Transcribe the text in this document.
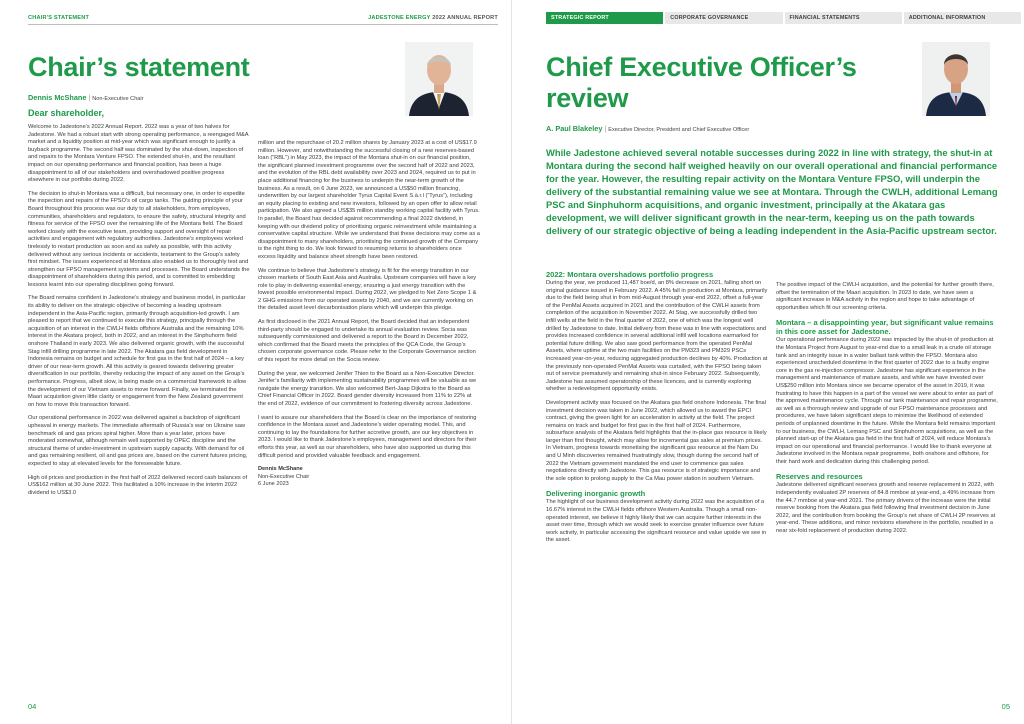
CHAIR'S STATEMENT	JADESTONE ENERGY 2022 ANNUAL REPORT
Chair’s statement
Dennis McShane | Non-Executive Chair
Dear shareholder,

Welcome to Jadestone’s 2022 Annual Report. 2022 was a year of two halves for Jadestone. We had a robust start with strong operating performance, a reengaged M&A market and a liquidity position at mid-year which was significant enough to justify a buyback programme. The second half was dominated by the shut-down, inspection of and repairs to the Montara Venture FPSO. The extended shut-in, and the resultant impact on our operating performance and financial position, has been a huge disappointment to all of our stakeholders and overshadowed positive progress elsewhere in our portfolio during 2022.

The decision to shut-in Montara was a difficult, but necessary one, in order to expedite the inspection and repairs of the FPSO’s oil cargo tanks. The guiding principle of your Board throughout this process was our duty to all stakeholders, from employees, communities, shareholders and regulators, to ensure the safety, structural integrity and fitness for service of the FPSO over the remaining life of the Montara field. The Board worked closely with the executive team, providing support and oversight of repair activities and engagement with regulatory authorities. Jadestone’s employees worked tirelessly to restart production as soon and as safely as possible, with this activity delivered without any serious incidents or accidents, testament to the Group’s safety first mindset. The issues experienced at Montara also enabled us to thoroughly test and strengthen our FPSO management systems and processes. The Board understands the disappointment of shareholders during this period, and is committed to embedding lessons learnt into our operating disciplines going forward.

The Board remains confident in Jadestone’s strategy and business model, in particular its ability to deliver on the strategic objective of becoming a leading upstream independent in the Asia-Pacific region, primarily through acquisition-led growth. I am pleased to report that we continued to execute this strategy, principally through the acquisition of an interest in the CWLH fields offshore Australia and the remaining 10% interest in the Akatara project, both in 2022, and an interest in the Sinphuhorm field onshore Thailand in early 2023. We also delivered organic growth, with the successful Stag infill drilling programme in late 2022. The Akatara gas field development in Indonesia remains on budget and schedule for first gas in the first half of 2024 – a key driver of our near-term growth. All this activity is geared towards delivering greater diversification in our portfolio, thereby reducing the impact of any asset on the Group’s performance. Progress, albeit slow, is being made on a commercial framework to allow the development of our Vietnam assets to move forward. Finally, we terminated the Maari acquisition given little clarity or engagement from the New Zealand government on how to move this transaction forward.

Our operational performance in 2022 was delivered against a backdrop of significant upheaval in energy markets. The immediate aftermath of Russia’s war on Ukraine saw benchmark oil and gas prices spiral higher. More than a year later, prices have moderated somewhat, although remain well supported by OPEC discipline and the structural theme of under-investment in upstream supply capacity. With demand for oil and gas remaining resilient, oil and gas prices are, based on the current futures pricing, expected to stay at elevated levels for the foreseeable future.

High oil prices and production in the first half of 2022 delivered record cash balances of US$162 million at 30 June 2022. This facilitated a 10% increase in the interim 2022 dividend to US$3.0

million and the repurchase of 20.2 million shares by January 2023 at a cost of US$17.9 million. However, and notwithstanding the successful closing of a new reserves-based loan (“RBL”) in May 2023, the impact of the Montara shut-in on our financial position, the significant planned investment programme over the second half of 2022 and 2023, and the evolution of the RBL debt availability over 2023 and 2024, required us to put in place additional financing for the business to underpin the near-term growth of the business. As a result, on 6 June 2023, we announced a US$50 million financing, underwritten by our largest shareholder Tyrus Capital Event S.à.r.l (“Tyrus”), including an equity placing to existing and new investors, followed by an open offer to allow retail participation. We also agreed a US$35 million standby working capital facility with Tyrus. In parallel, the Board has decided against recommending a final 2022 dividend, in keeping with our dividend policy of prioritising organic reinvestment while maintaining a conservative capital structure. While we understand that these decisions may come as a disappointment to many shareholders, prioritising the continued growth of the Company is the right thing to do. We look forward to resuming returns to shareholders once excess liquidity and balance sheet strength have been restored.

We continue to believe that Jadestone’s strategy is fit for the energy transition in our chosen markets of South East Asia and Australia. Upstream companies will have a key role to play in delivering essential energy, ensuring a just energy transition with the lowest possible environmental impact. During 2022, we pledged to Net Zero Scope 1 & 2 GHG emissions from our operated assets by 2040, and we are currently working on the detailed asset level decarbonisation plans which will underpin this pledge.

As first disclosed in the 2021 Annual Report, the Board decided that an independent third-party should be engaged to undertake its annual evaluation review. Socia was subsequently commissioned and delivered a report to the Board in December 2022, which confirmed that the Board meets the principles of the QCA Code, the Group’s chosen corporate governance code. Please refer to the Corporate Governance section of this report for more detail on the Socia review.

During the year, we welcomed Jenifer Thien to the Board as a Non-Executive Director. Jenifer’s familiarity with implementing sustainability programmes will be valuable as we navigate the energy transition. We also welcomed Bert-Jaap Dijkstra to the Board as Chief Financial Officer in 2022. Board gender diversity increased from 11% to 22% at the end of 2022, evidence of our commitment to fostering diversity across Jadestone.

I want to assure our shareholders that the Board is clear on the importance of restoring confidence in the Montara asset and Jadestone’s wider operating model. This, and continuing to lay the foundations for further accretive growth, are our key objectives in 2023. I would like to thank Jadestone’s employees, management and directors for their efforts this year, as well as our shareholders, who have also supported us during this difficult period and provided valuable feedback and engagement.

Dennis McShane
Non-Executive Chair
6 June 2023
04
STRATEGIC REPORT	CORPORATE GOVERNANCE	FINANCIAL STATEMENTS	ADDITIONAL INFORMATION
Chief Executive Officer’s review
A. Paul Blakeley | Executive Director, President and Chief Executive Officer

While Jadestone achieved several notable successes during 2022 in line with strategy, the shut-in at Montara during the second half weighed heavily on our overall operational and financial performance for the year. However, the resulting repair activity on the Montara Venture FPSO, will underpin the delivery of the substantial remaining value we see at Montara. Through the CWLH, additional Lemang PSC and Sinphuhorm acquisitions, and organic investment, principally at the Akatara gas development, we will deliver significant growth in the near-term, keeping us on the path towards delivery of our strategic objective of being a leading independent in the Asia-Pacific upstream sector.

2022: Montara overshadows portfolio progress

During the year, we produced 11,487 boe/d, an 8% decrease on 2021, falling short on original guidance issued in February 2022. A 45% fall in production at Montara, primarily due to the field being shut in from mid-August through year-end 2022, offset a full-year of the PenMal Assets acquired in 2021 and the contribution of the CWLH assets from completion of the acquisition in November 2022. At Stag, we successfully drilled two infill wells at the field in the final quarter of 2022, one of which was the longest well drilled by Jadestone to date. Initial delivery from these was in line with expectations and provides increased confidence in several additional infill well locations earmarked for potential future drilling. We also saw good performance from the operated PenMal Assets, where uptime at the two main facilities on the PM323 and PM329 PSCs increased year-on-year, reducing aggregated production declines by 40%. Production at the previously non-operated PenMal Assets was curtailed, with the FPSO being taken out of service prematurely and remaining shut-in since February 2022. Subsequently, Jadestone has assumed operatorship of these licences, and is currently exploring whether a redevelopment opportunity exists.

Development activity was focused on the Akatara gas field onshore Indonesia. The final investment decision was taken in June 2022, which allowed us to award the EPCI contract, giving the green light for an acceleration in activity at the field. The project remains on track and budget for first gas in the first half of 2024. Furthermore, subsurface analysis of the Akatara field highlights that the in-place gas resource is likely larger than first thought, which may allow for incremental gas sales at premium prices. In Vietnam, progress towards monetising the significant gas resource at the Nam Du and U Minh discoveries remained frustratingly slow, though during the second half of 2022 the Vietnam government mandated the end user to commence gas sales negotiations directly with Jadestone. This gas resource is of strategic importance and the sole option to prolong supply to the Ca Mau power station in southern Vietnam.

Delivering inorganic growth

The highlight of our business development activity during 2022 was the acquisition of a 16.67% interest in the CWLH fields offshore Western Australia. Though a small non-operated interest, we believe it highly likely that we can acquire further interests in the asset over time, through which we would seek to exercise greater influence over future work activity, in particular accessing the significant resource and value upside we see in the asset.

The positive impact of the CWLH acquisition, and the potential for further growth there, offset the termination of the Maari acquisition. In 2023 to date, we have seen a significant increase in M&A activity in the region and hope to take advantage of opportunities which fit our screening criteria.

Montara – a disappointing year, but significant value remains in this core asset for Jadestone.

Our operational performance during 2022 was impacted by the shut-in of production at the Montara Project from August to year-end due to a small leak in a crude oil storage tank and an integrity issue in a water ballast tank within the FPSO. Montara also experienced unscheduled downtime in the first quarter of 2022 due to a faulty engine core in the gas re-injection compressor. Jadestone has significant experience in the management and maintenance of mature assets, and while we have invested over US$250 million into Montara since we became operator of the asset in 2019, it was frustrating to have this happen in a part of the vessel we were about to enter as part of the approved maintenance cycle. Through our tank maintenance and repair programme, as well as a thorough review and upgrade of our FPSO maintenance processes and procedures, we have taken significant steps to minimise the likelihood of extended periods of unplanned downtime in the future. While the Montara field remains important to our business, the CWLH, Lemang PSC and Sinphuhorm acquisitions, as well as the planned start-up of the Akatara gas field in the first half of 2024, will reduce Montara’s impact on our operational and financial performance. I would like to thank everyone at Jadestone involved in the Montara repair programme, both onshore and offshore, for their hard work and dedication during this challenging period.

Reserves and resources

Jadestone delivered significant reserves growth and reserve replacement in 2022, with independently evaluated 2P reserves of 84.8 mmboe at year-end, a 49% increase from the 44.7 mmboe at year-end 2021. The primary drivers of the increase were the initial reserve booking from the Akatara gas field following final investment decision in June 2022, and the contribution from booking the Group’s net share of CWLH 2P reserves at year-end. These additions, and minor revisions elsewhere in the portfolio, resulted in a near six-fold replacement of production during 2022.

05
